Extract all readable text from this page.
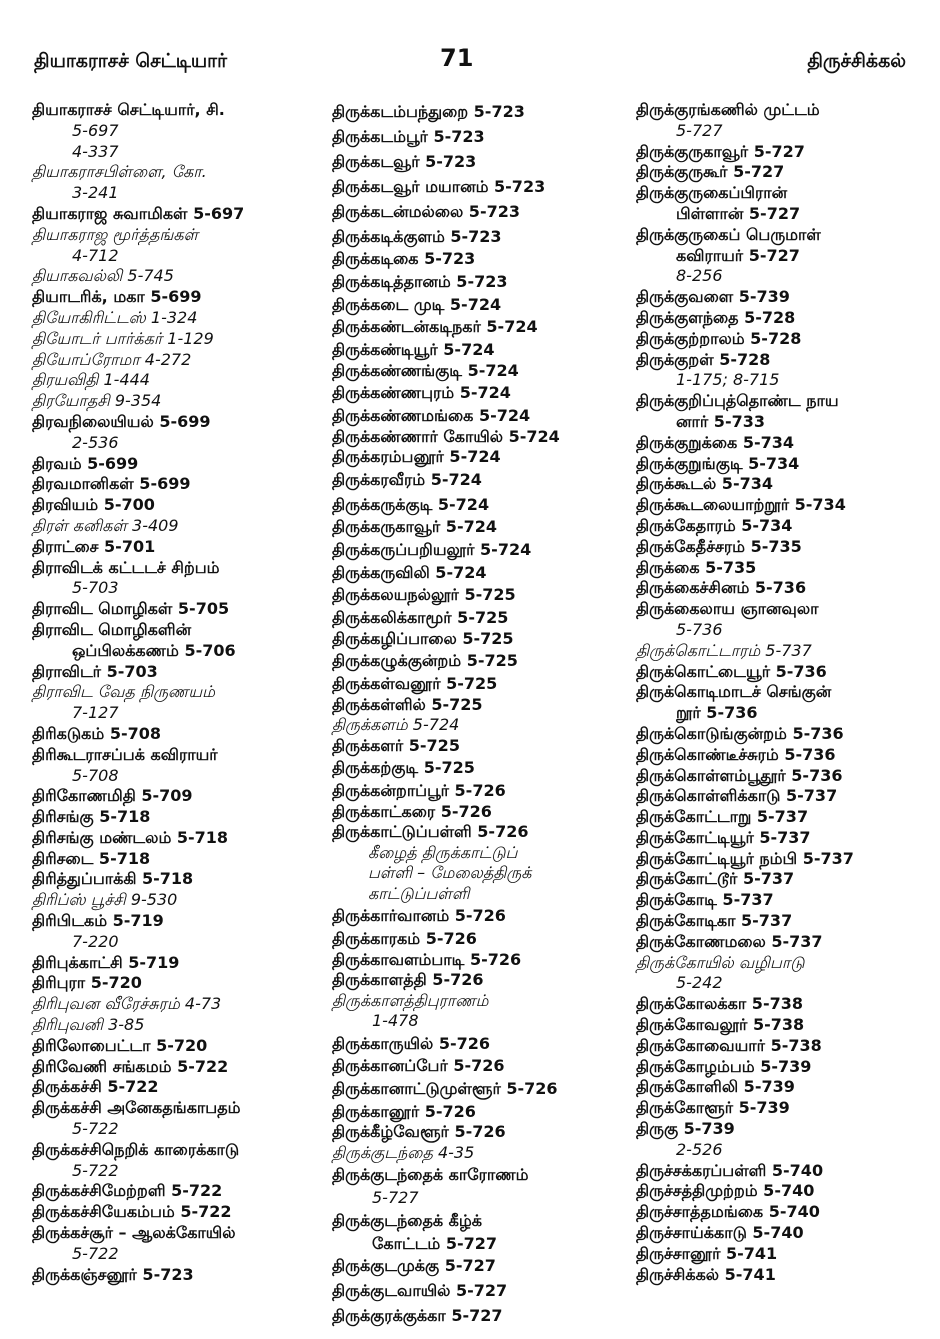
தியாகராசச் செட்டியார்	71	திருச்சிக்கல்
தியாகராசச் செட்டியார், சி.
5-697
4-337
தியாகராசபிள்ளை, கோ.
3-241
தியாகராஜ சுவாமிகள் 5-697
தியாகராஜ மூர்த்தங்கள்
4-712
தியாகவல்லி 5-745
தியாடரிக், மகா 5-699
தியோகிரிட்டஸ் 1-324
தியோடர் பார்க்கர் 1-129
தியோப்ரோமா 4-272
திரயவிதி 1-444
திரயோதசி 9-354
திரவநிலையியல் 5-699
2-536
திரவம் 5-699
திரவமானிகள் 5-699
திரவியம் 5-700
திரள் கனிகள் 3-409
திராட்சை 5-701
திராவிடக் கட்டடச் சிற்பம்
5-703
திராவிட மொழிகள் 5-705
திராவிட மொழிகளின்
ஒப்பிலக்கணம் 5-706
திராவிடர் 5-703
திராவிட வேத நிருணயம்
7-127
திரிகடுகம் 5-708
திரிகூடராசப்பக் கவிராயர்
5-708
திரிகோணமிதி 5-709
திரிசங்கு 5-718
திரிசங்கு மண்டலம் 5-718
திரிசடை 5-718
திரித்துப்பாக்கி 5-718
திரிப்ஸ் பூச்சி 9-530
திரிபிடகம் 5-719
7-220
திரிபுக்காட்சி 5-719
திரிபுரா 5-720
திரிபுவன வீரேச்சுரம் 4-73
திரிபுவனி 3-85
திரிலோபைட்டா 5-720
திரிவேணி சங்கமம் 5-722
திருக்கச்சி 5-722
திருக்கச்சி அனேகதங்காபதம்
5-722
திருக்கச்சிநெறிக் காரைக்காடு
5-722
திருக்கச்சிமேற்றளி 5-722
திருக்கச்சியேகம்பம் 5-722
திருக்கச்சூர் – ஆலக்கோயில்
5-722
திருக்கஞ்சனூர் 5-723
திருக்கடம்பந்துறை 5-723
திருக்கடம்பூர் 5-723
திருக்கடவூர் 5-723
திருக்கடவூர் மயானம் 5-723
திருக்கடன்மல்லை 5-723
திருக்கடிக்குளம் 5-723
திருக்கடிகை 5-723
திருக்கடித்தானம் 5-723
திருக்கடை முடி 5-724
திருக்கண்டன்கடிநகர் 5-724
திருக்கண்டியூர் 5-724
திருக்கண்ணங்குடி 5-724
திருக்கண்ணபுரம் 5-724
திருக்கண்ணமங்கை 5-724
திருக்கண்ணார் கோயில் 5-724
திருக்கரம்பனூர் 5-724
திருக்கரவீரம் 5-724
திருக்கருக்குடி 5-724
திருக்கருகாவூர் 5-724
திருக்கருப்பறியலூர் 5-724
திருக்கருவிலி 5-724
திருக்கலயநல்லூர் 5-725
திருக்கலிக்காமூர் 5-725
திருக்கழிப்பாலை 5-725
திருக்கழுக்குன்றம் 5-725
திருக்கள்வனூர் 5-725
திருக்கள்ளில் 5-725
திருக்களம் 5-724
திருக்களர் 5-725
திருக்கற்குடி 5-725
திருக்கன்றாப்பூர் 5-726
திருக்காட்கரை 5-726
திருக்காட்டுப்பள்ளி 5-726
கீழைத் திருக்காட்டுப்
பள்ளி – மேலைத்திருக்
காட்டுப்பள்ளி
திருக்கார்வானம் 5-726
திருக்காரகம் 5-726
திருக்காவளம்பாடி 5-726
திருக்காளத்தி 5-726
திருக்காளத்திபுராணம்
1-478
திருக்காருயில் 5-726
திருக்கானப்பேர் 5-726
திருக்கானாட்டுமுள்ளூர் 5-726
திருக்கானூர் 5-726
திருக்கீழ்வேளூர் 5-726
திருக்குடந்தை 4-35
திருக்குடந்தைக் காரோணம்
5-727
திருக்குடந்தைக் கீழ்க்
கோட்டம் 5-727
திருக்குடமுக்கு 5-727
திருக்குடவாயில் 5-727
திருக்குரக்குக்கா 5-727
திருக்குரங்கணில் முட்டம்
5-727
திருக்குருகாவூர் 5-727
திருக்குருகூர் 5-727
திருக்குருகைப்பிரான்
பிள்ளான் 5-727
திருக்குருகைப் பெருமாள்
கவிராயர் 5-727
8-256
திருக்குவளை 5-739
திருக்குளந்தை 5-728
திருக்குற்றாலம் 5-728
திருக்குறள் 5-728
1-175; 8-715
திருக்குறிப்புத்தொண்ட நாய
னார் 5-733
திருக்குறுக்கை 5-734
திருக்குறுங்குடி 5-734
திருக்கூடல் 5-734
திருக்கூடலையாற்றூர் 5-734
திருக்கேதாரம் 5-734
திருக்கேதீச்சரம் 5-735
திருக்கை 5-735
திருக்கைச்சினம் 5-736
திருக்கைலாய ஞானவுலா
5-736
திருக்கொட்டாரம் 5-737
திருக்கொட்டையூர் 5-736
திருக்கொடிமாடச் செங்குன்
றூர் 5-736
திருக்கொடுங்குன்றம் 5-736
திருக்கொண்டீச்சுரம் 5-736
திருக்கொள்ளம்பூதூர் 5-736
திருக்கொள்ளிக்காடு 5-737
திருக்கோட்டாறு 5-737
திருக்கோட்டியூர் 5-737
திருக்கோட்டியூர் நம்பி 5-737
திருக்கோட்டூர் 5-737
திருக்கோடி 5-737
திருக்கோடிகா 5-737
திருக்கோணமலை 5-737
திருக்கோயில் வழிபாடு
5-242
திருக்கோலக்கா 5-738
திருக்கோவலூர் 5-738
திருக்கோவையார் 5-738
திருக்கோழம்பம் 5-739
திருக்கோளிலி 5-739
திருக்கோளூர் 5-739
திருகு 5-739
2-526
திருச்சக்கரப்பள்ளி 5-740
திருச்சத்திமுற்றம் 5-740
திருச்சாத்தமங்கை 5-740
திருச்சாய்க்காடு 5-740
திருச்சானூர் 5-741
திருச்சிக்கல் 5-741
